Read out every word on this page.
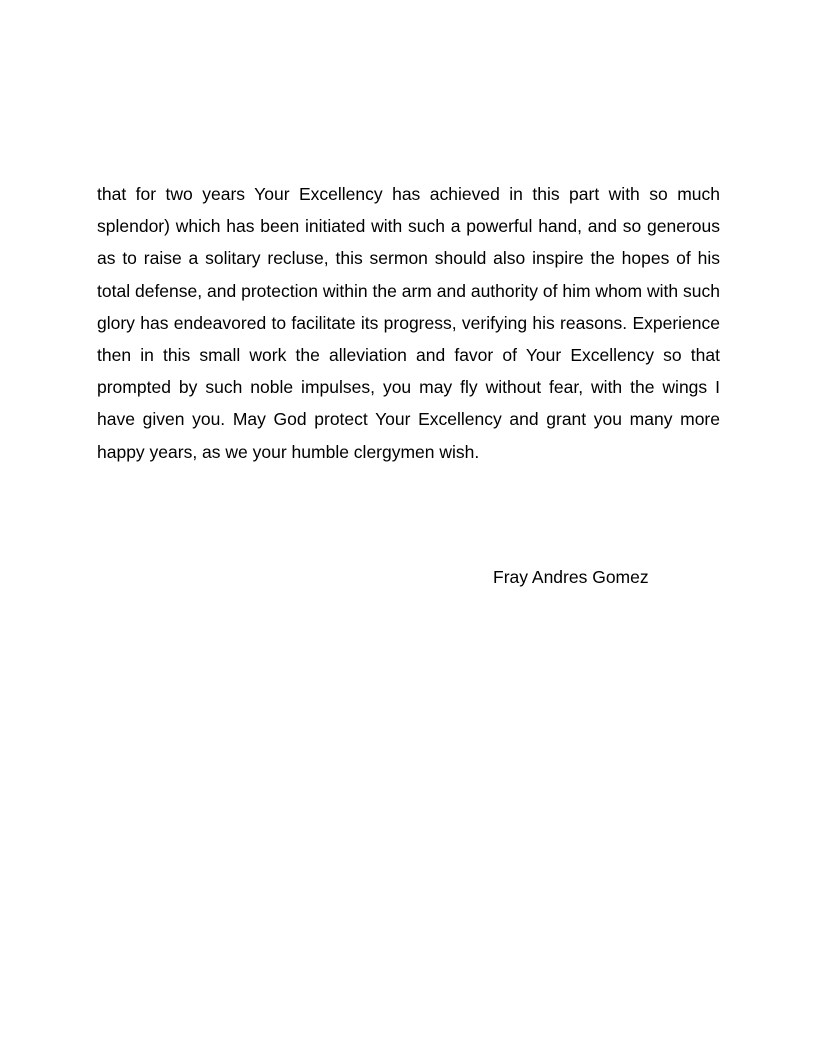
that for two years Your Excellency has achieved in this part with so much splendor) which has been initiated with such a powerful hand, and so generous as to raise a solitary recluse, this sermon should also inspire the hopes of his total defense, and protection within the arm and authority of him whom with such glory has endeavored to facilitate its progress, verifying his reasons. Experience then in this small work the alleviation and favor of Your Excellency so that prompted by such noble impulses, you may fly without fear, with the wings I have given you. May God protect Your Excellency and grant you many more happy years, as we your humble clergymen wish.

Fray Andres Gomez
